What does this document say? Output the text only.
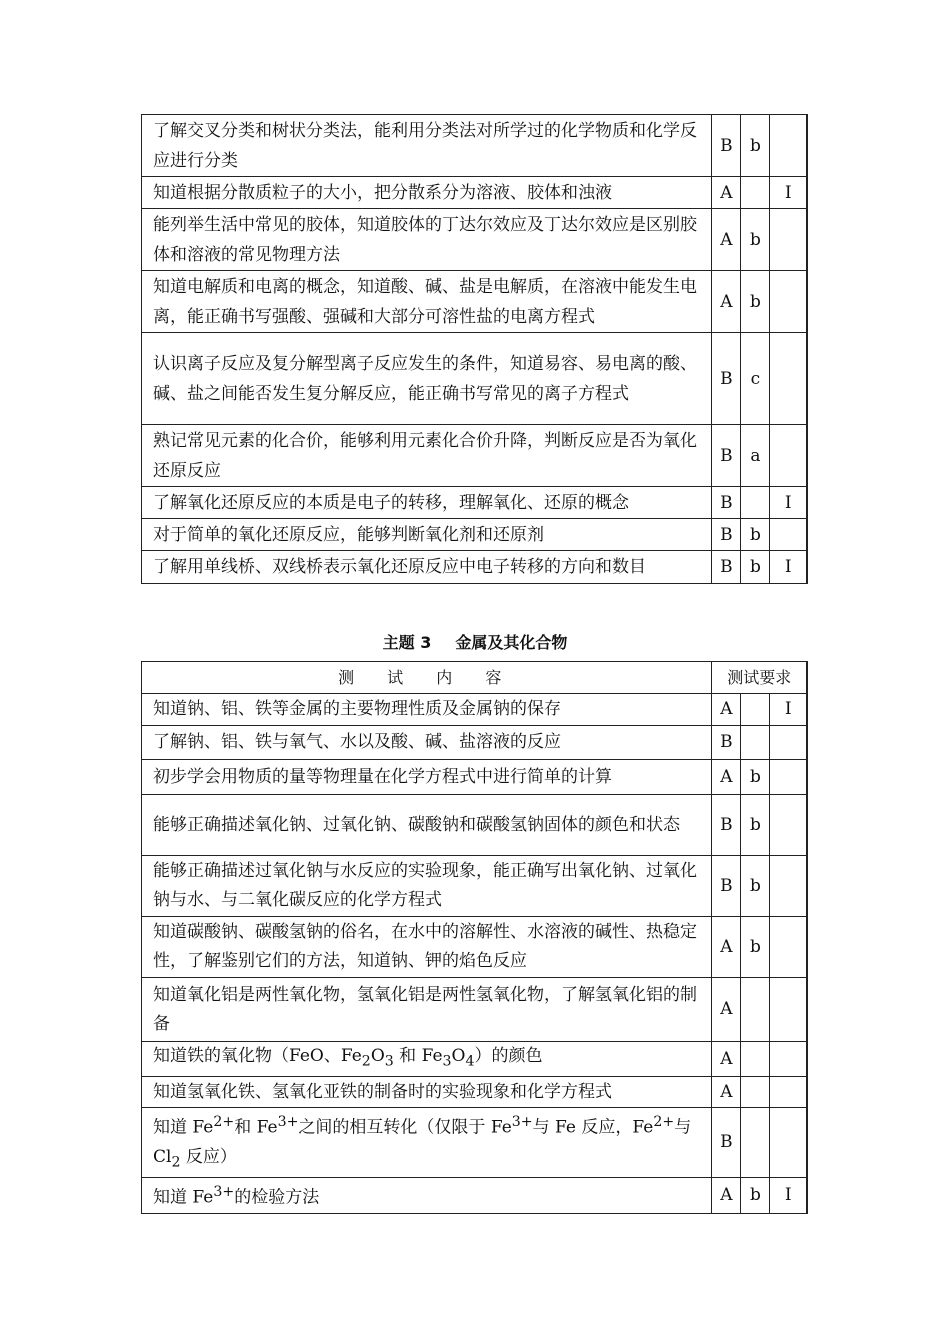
了解交叉分类和树状分类法，能利用分类法对所学过的化学物质和化学反应进行分类	B	b	
知道根据分散质粒子的大小，把分散系分为溶液、胶体和浊液	A		Ⅰ
能列举生活中常见的胶体，知道胶体的丁达尔效应及丁达尔效应是区别胶体和溶液的常见物理方法	A	b	
知道电解质和电离的概念，知道酸、碱、盐是电解质，在溶液中能发生电离，能正确书写强酸、强碱和大部分可溶性盐的电离方程式	A	b	
认识离子反应及复分解型离子反应发生的条件，知道易容、易电离的酸、碱、盐之间能否发生复分解反应，能正确书写常见的离子方程式	B	c	
熟记常见元素的化合价，能够利用元素化合价升降，判断反应是否为氧化还原反应	B	a	
了解氧化还原反应的本质是电子的转移，理解氧化、还原的概念	B		Ⅰ
对于简单的氧化还原反应，能够判断氧化剂和还原剂	B	b	
了解用单线桥、双线桥表示氧化还原反应中电子转移的方向和数目	B	b	Ⅰ
主题 3 金属及其化合物
测 试 内 容	测试要求		
知道钠、铝、铁等金属的主要物理性质及金属钠的保存	A		Ⅰ
了解钠、铝、铁与氧气、水以及酸、碱、盐溶液的反应	B		
初步学会用物质的量等物理量在化学方程式中进行简单的计算	A	b	
能够正确描述氧化钠、过氧化钠、碳酸钠和碳酸氢钠固体的颜色和状态	B	b	
能够正确描述过氧化钠与水反应的实验现象，能正确写出氧化钠、过氧化钠与水、与二氧化碳反应的化学方程式	B	b	
知道碳酸钠、碳酸氢钠的俗名，在水中的溶解性、水溶液的碱性、热稳定性，了解鉴别它们的方法，知道钠、钾的焰色反应	A	b	
知道氧化铝是两性氧化物，氢氧化铝是两性氢氧化物，了解氢氧化铝的制备	A		
知道铁的氧化物（FeO、$Fe_2O_3$ 和 $Fe_3O_4$）的颜色	A		
知道氢氧化铁、氢氧化亚铁的制备时的实验现象和化学方程式	A		
知道 $Fe^{2+}$和 $Fe^{3+}$之间的相互转化（仅限于 $Fe^{3+}$与 Fe 反应，$Fe^{2+}$与 $Cl_2$ 反应）	B		
知道 $Fe^{3+}$的检验方法	A	b	Ⅰ
